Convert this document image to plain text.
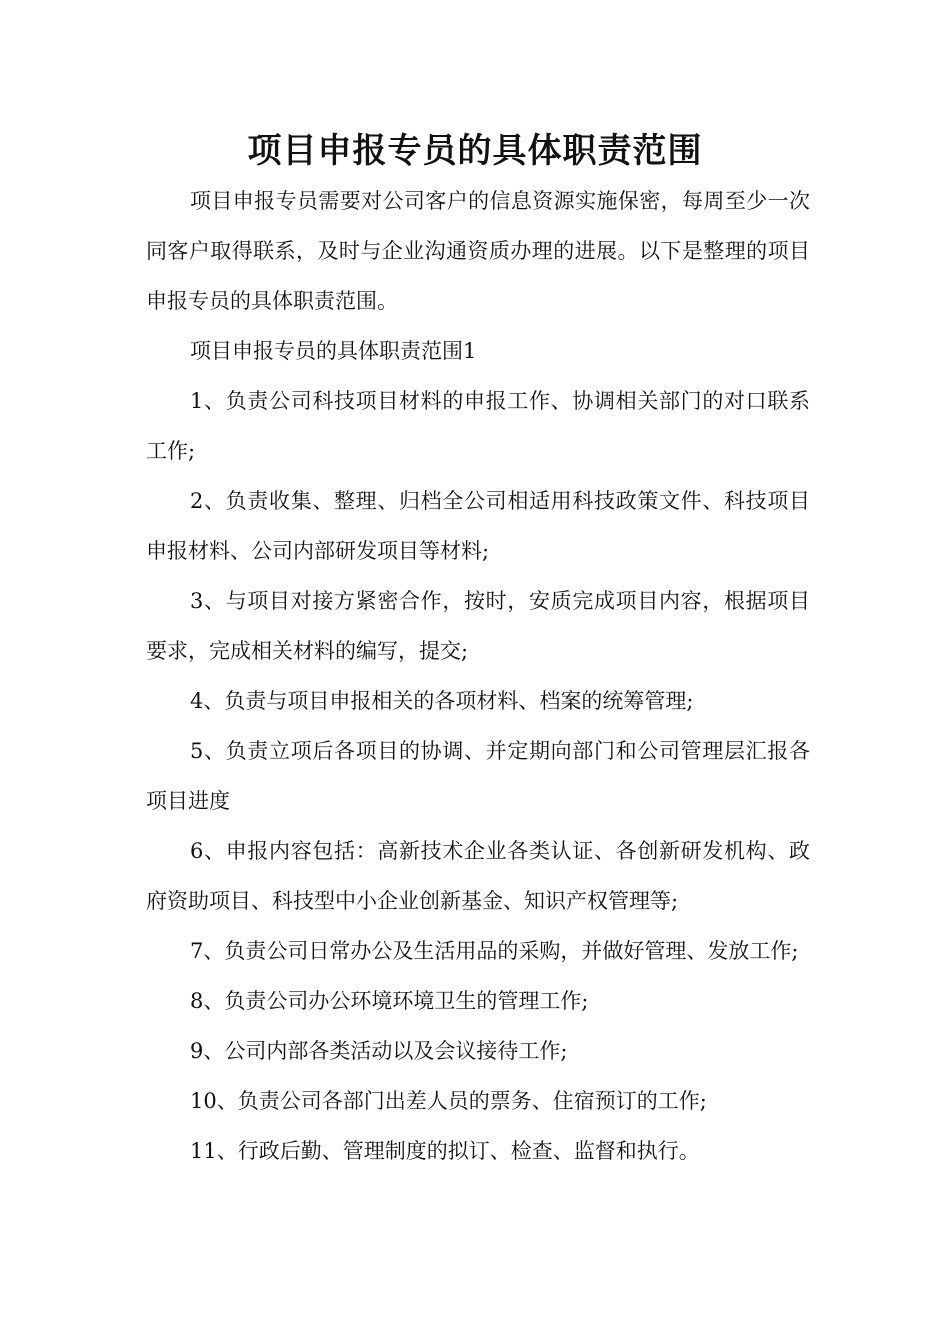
项目申报专员的具体职责范围

项目申报专员需要对公司客户的信息资源实施保密，每周至少一次同客户取得联系，及时与企业沟通资质办理的进展。以下是整理的项目申报专员的具体职责范围。

项目申报专员的具体职责范围1

1、负责公司科技项目材料的申报工作、协调相关部门的对口联系工作;

2、负责收集、整理、归档全公司相适用科技政策文件、科技项目申报材料、公司内部研发项目等材料;

3、与项目对接方紧密合作，按时，安质完成项目内容，根据项目要求，完成相关材料的编写，提交;

4、负责与项目申报相关的各项材料、档案的统筹管理;

5、负责立项后各项目的协调、并定期向部门和公司管理层汇报各项目进度

6、申报内容包括：高新技术企业各类认证、各创新研发机构、政府资助项目、科技型中小企业创新基金、知识产权管理等;

7、负责公司日常办公及生活用品的采购，并做好管理、发放工作;

8、负责公司办公环境环境卫生的管理工作;

9、公司内部各类活动以及会议接待工作;

10、负责公司各部门出差人员的票务、住宿预订的工作;

11、行政后勤、管理制度的拟订、检查、监督和执行。
